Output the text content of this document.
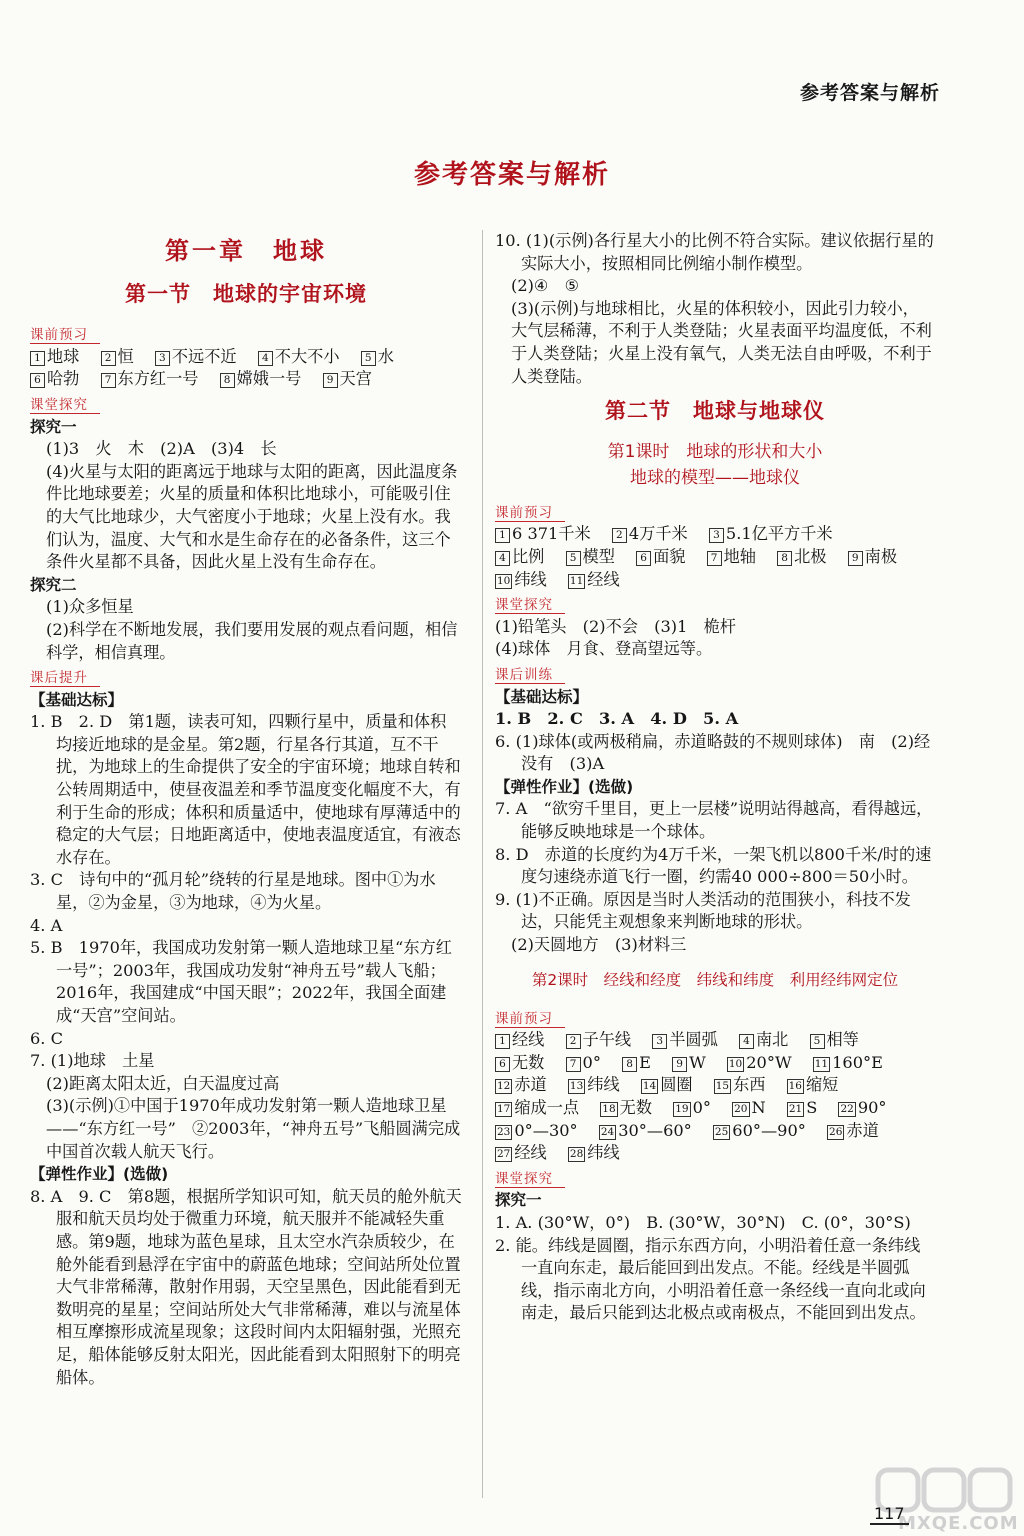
参考答案与解析
参考答案与解析
第一章　地球
第一节　地球的宇宙环境
课前预习
1 地球 2 恒 3 不远不近 4 不大不小 5 水
6 哈勃 7 东方红一号 8 嫦娥一号 9 天宫
课堂探究
探究一
(1)3　火　木　(2)A　(3)4　长
(4)火星与太阳的距离远于地球与太阳的距离，因此温度条件比地球要差；火星的质量和体积比地球小，可能吸引住的大气比地球少，大气密度小于地球；火星上没有水。我们认为，温度、大气和水是生命存在的必备条件，这三个条件火星都不具备，因此火星上没有生命存在。
探究二
(1)众多恒星
(2)科学在不断地发展，我们要用发展的观点看问题，相信科学，相信真理。
课后提升
【基础达标】
1. B　2. D　第1题，读表可知，四颗行星中，质量和体积均接近地球的是金星。第2题，行星各行其道，互不干扰，为地球上的生命提供了安全的宇宙环境；地球自转和公转周期适中，使昼夜温差和季节温度变化幅度不大，有利于生命的形成；体积和质量适中，使地球有厚薄适中的稳定的大气层；日地距离适中，使地表温度适宜，有液态水存在。
3. C　诗句中的“孤月轮”绕转的行星是地球。图中①为水星，②为金星，③为地球，④为火星。
4. A
5. B　1970年，我国成功发射第一颗人造地球卫星“东方红一号”；2003年，我国成功发射“神舟五号”载人飞船；2016年，我国建成“中国天眼”；2022年，我国全面建成“天宫”空间站。
6. C
7. (1)地球　土星
(2)距离太阳太近，白天温度过高
(3)(示例)①中国于1970年成功发射第一颗人造地球卫星——“东方红一号”　②2003年，“神舟五号”飞船圆满完成中国首次载人航天飞行。
【弹性作业】(选做)
8. A　9. C　第8题，根据所学知识可知，航天员的舱外航天服和航天员均处于微重力环境，航天服并不能减轻失重感。第9题，地球为蓝色星球，且太空水汽杂质较少，在舱外能看到悬浮在宇宙中的蔚蓝色地球；空间站所处位置大气非常稀薄，散射作用弱，天空呈黑色，因此能看到无数明亮的星星；空间站所处大气非常稀薄，难以与流星体相互摩擦形成流星现象；这段时间内太阳辐射强，光照充足，船体能够反射太阳光，因此能看到太阳照射下的明亮船体。
10. (1)(示例)各行星大小的比例不符合实际。建议依据行星的实际大小，按照相同比例缩小制作模型。
(2)④　⑤
(3)(示例)与地球相比，火星的体积较小，因此引力较小，大气层稀薄，不利于人类登陆；火星表面平均温度低，不利于人类登陆；火星上没有氧气，人类无法自由呼吸，不利于人类登陆。
第二节　地球与地球仪
第1课时　地球的形状和大小
地球的模型——地球仪
课前预习
1 6 371千米 2 4万千米 3 5.1亿平方千米
4 比例 5 模型 6 面貌 7 地轴 8 北极 9 南极 10 纬线 11 经线
课堂探究
(1)铅笔头　(2)不会　(3)1　桅杆
(4)球体　月食、登高望远等。
课后训练
【基础达标】
1. B　2. C　3. A　4. D　5. A
6. (1)球体(或两极稍扁，赤道略鼓的不规则球体)　南　(2)经　没有　(3)A
【弹性作业】(选做)
7. A　“欲穷千里目，更上一层楼”说明站得越高，看得越远，能够反映地球是一个球体。
8. D　赤道的长度约为4万千米，一架飞机以800千米/时的速度匀速绕赤道飞行一圈，约需40 000÷800＝50小时。
9. (1)不正确。原因是当时人类活动的范围狭小，科技不发达，只能凭主观想象来判断地球的形状。
(2)天圆地方　(3)材料三
第2课时　经线和经度　纬线和纬度　利用经纬网定位
课前预习
1 经线 2 子午线 3 半圆弧 4 南北 5 相等 6 无数 7 0° 8 E 9 W 10 20°W 11 160°E 12 赤道 13 纬线 14 圆圈 15 东西 16 缩短 17 缩成一点 18 无数 19 0° 20 N 21 S 22 90° 23 0°—30° 24 30°—60° 25 60°—90° 26 赤道 27 经线 28 纬线
课堂探究
探究一
1. A. (30°W，0°)　B. (30°W，30°N)　C. (0°，30°S)
2. 能。纬线是圆圈，指示东西方向，小明沿着任意一条纬线一直向东走，最后能回到出发点。不能。经线是半圆弧线，指示南北方向，小明沿着任意一条经线一直向北或向南走，最后只能到达北极点或南极点，不能回到出发点。
MXQE.COM
117
